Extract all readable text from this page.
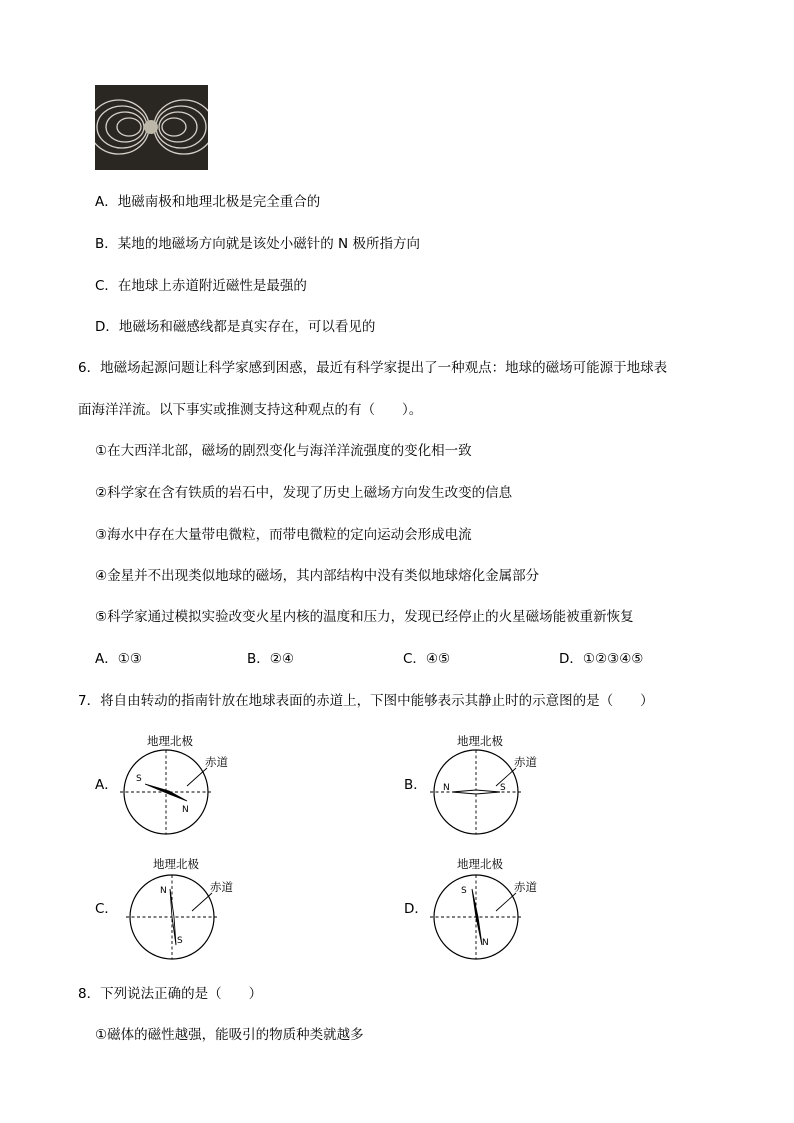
A．地磁南极和地理北极是完全重合的
B．某地的地磁场方向就是该处小磁针的 N 极所指方向
C．在地球上赤道附近磁性是最强的
D．地磁场和磁感线都是真实存在，可以看见的
6．地磁场起源问题让科学家感到困惑，最近有科学家提出了一种观点：地球的磁场可能源于地球表
面海洋洋流。以下事实或推测支持这种观点的有（　　）。
①在大西洋北部，磁场的剧烈变化与海洋洋流强度的变化相一致
②科学家在含有铁质的岩石中，发现了历史上磁场方向发生改变的信息
③海水中存在大量带电微粒，而带电微粒的定向运动会形成电流
④金星并不出现类似地球的磁场，其内部结构中没有类似地球熔化金属部分
⑤科学家通过模拟实验改变火星内核的温度和压力，发现已经停止的火星磁场能被重新恢复
A．①③	B．②④	C．④⑤	D．①②③④⑤
7．将自由转动的指南针放在地球表面的赤道上，下图中能够表示其静止时的示意图的是（　　）
A．	B．
C．	D．
地理北极
赤道
S
N
地理北极
赤道
N	S
地理北极
赤道
N
S
地理北极
赤道
S
N
8．下列说法正确的是（　　）
①磁体的磁性越强，能吸引的物质种类就越多
